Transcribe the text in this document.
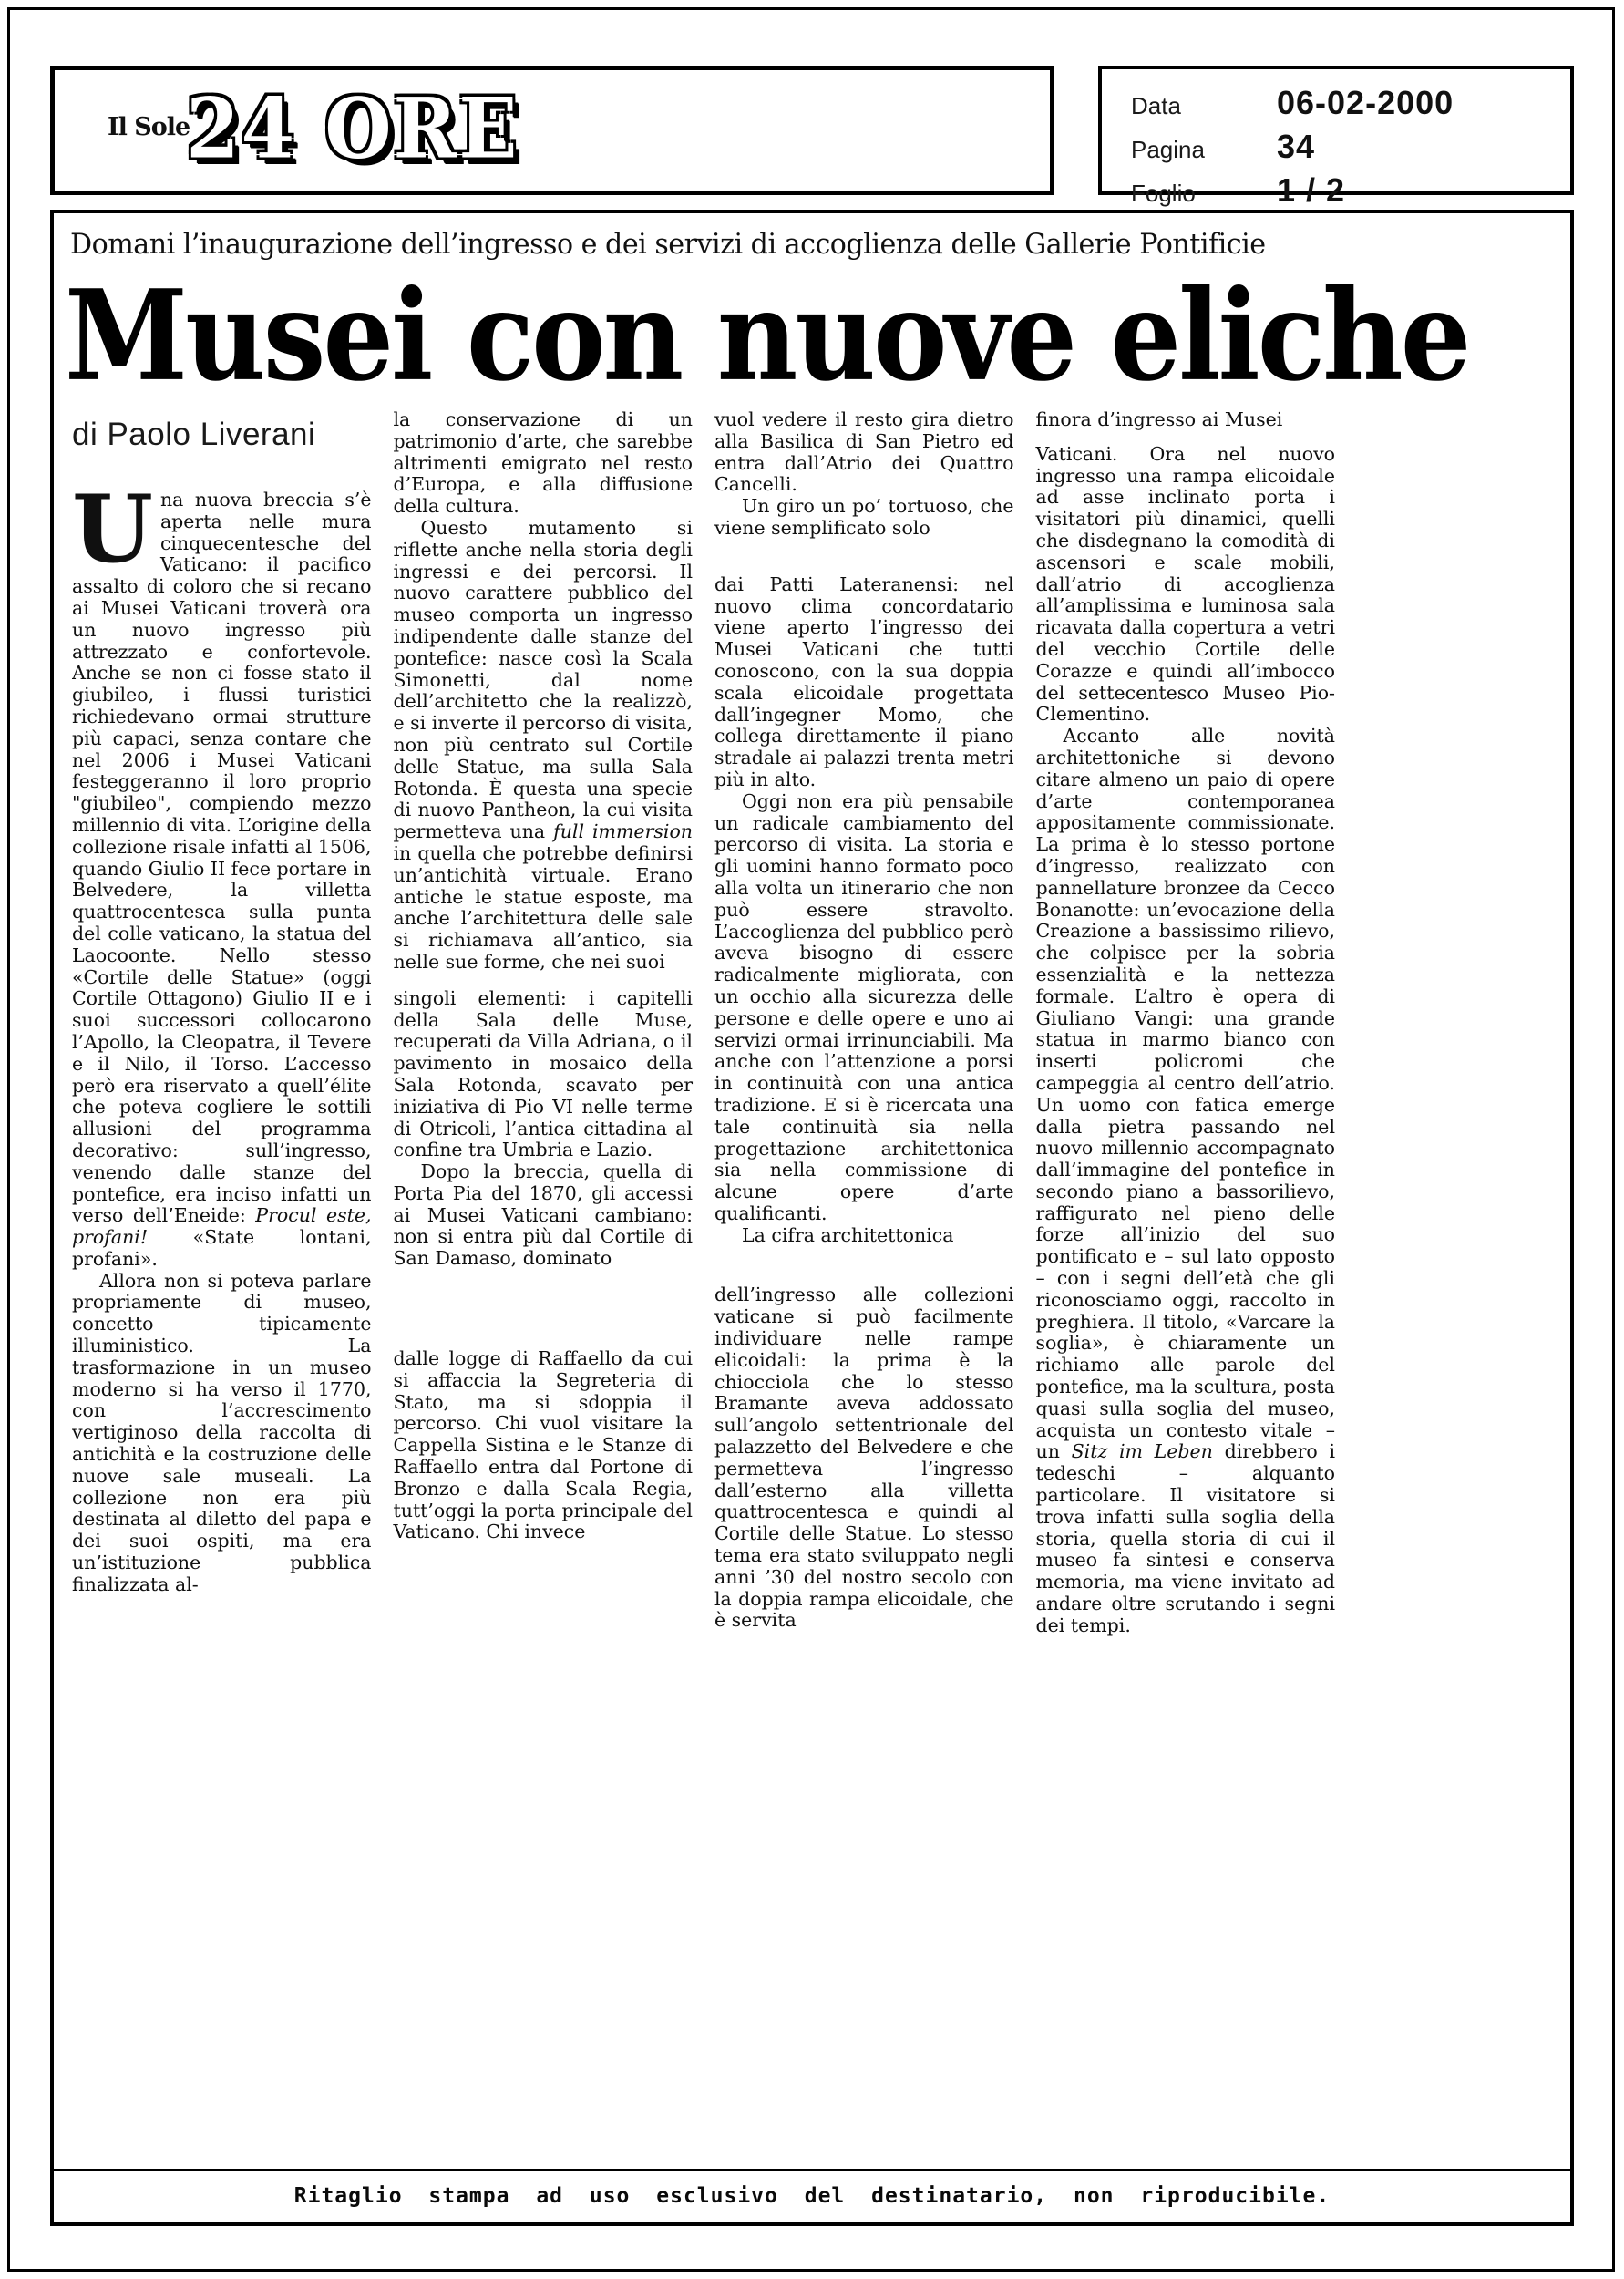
Il Sole24 ORE	Data	06-02-2000
Pagina	34
Foglio	1 / 2
Domani l’inaugurazione dell’ingresso e dei servizi di accoglienza delle Gallerie Pontificie
Musei con nuove eliche
di Paolo Liverani

Una nuova breccia s’è aperta nelle mura cinquecentesche del Vaticano: il pacifico assalto di coloro che si recano ai Musei Vaticani troverà ora un nuovo ingresso più attrezzato e confortevole. Anche se non ci fosse stato il giubileo, i flussi turistici richiedevano ormai strutture più capaci, senza contare che nel 2006 i Musei Vaticani festeggeranno il loro proprio "giubileo", compiendo mezzo millennio di vita. L’origine della collezione risale infatti al 1506, quando Giulio II fece portare in Belvedere, la villetta quattrocentesca sulla punta del colle vaticano, la statua del Laocoonte. Nello stesso «Cortile delle Statue» (oggi Cortile Ottagono) Giulio II e i suoi successori collocarono l’Apollo, la Cleopatra, il Tevere e il Nilo, il Torso. L’accesso però era riservato a quell’élite che poteva cogliere le sottili allusioni del programma decorativo: sull’ingresso, venendo dalle stanze del pontefice, era inciso infatti un verso dell’Eneide: Procul este, profani! «State lontani, profani».

Allora non si poteva parlare propriamente di museo, concetto tipicamente illuministico. La trasformazione in un museo moderno si ha verso il 1770, con l’accrescimento vertiginoso della raccolta di antichità e la costruzione delle nuove sale museali. La collezione non era più destinata al diletto del papa e dei suoi ospiti, ma era un’istituzione pubblica finalizzata al-

la conservazione di un patrimonio d’arte, che sarebbe altrimenti emigrato nel resto d’Europa, e alla diffusione della cultura.

Questo mutamento si riflette anche nella storia degli ingressi e dei percorsi. Il nuovo carattere pubblico del museo comporta un ingresso indipendente dalle stanze del pontefice: nasce così la Scala Simonetti, dal nome dell’architetto che la realizzò, e si inverte il percorso di visita, non più centrato sul Cortile delle Statue, ma sulla Sala Rotonda. È questa una specie di nuovo Pantheon, la cui visita permetteva una full immersion in quella che potrebbe definirsi un’antichità virtuale. Erano antiche le statue esposte, ma anche l’architettura delle sale si richiamava all’antico, sia nelle sue forme, che nei suoi

singoli elementi: i capitelli della Sala delle Muse, recuperati da Villa Adriana, o il pavimento in mosaico della Sala Rotonda, scavato per iniziativa di Pio VI nelle terme di Otricoli, l’antica cittadina al confine tra Umbria e Lazio.

Dopo la breccia, quella di Porta Pia del 1870, gli accessi ai Musei Vaticani cambiano: non si entra più dal Cortile di San Damaso, dominato

dalle logge di Raffaello da cui si affaccia la Segreteria di Stato, ma si sdoppia il percorso. Chi vuol visitare la Cappella Sistina e le Stanze di Raffaello entra dal Portone di Bronzo e dalla Scala Regia, tutt’oggi la porta principale del Vaticano. Chi invece

vuol vedere il resto gira dietro alla Basilica di San Pietro ed entra dall’Atrio dei Quattro Cancelli.

Un giro un po’ tortuoso, che viene semplificato solo

dai Patti Lateranensi: nel nuovo clima concordatario viene aperto l’ingresso dei Musei Vaticani che tutti conoscono, con la sua doppia scala elicoidale progettata dall’ingegner Momo, che collega direttamente il piano stradale ai palazzi trenta metri più in alto.

Oggi non era più pensabile un radicale cambiamento del percorso di visita. La storia e gli uomini hanno formato poco alla volta un itinerario che non può essere stravolto. L’accoglienza del pubblico però aveva bisogno di essere radicalmente migliorata, con un occhio alla sicurezza delle persone e delle opere e uno ai servizi ormai irrinunciabili. Ma anche con l’attenzione a porsi in continuità con una antica tradizione. E si è ricercata una tale continuità sia nella progettazione architettonica sia nella commissione di alcune opere d’arte qualificanti.

La cifra architettonica

dell’ingresso alle collezioni vaticane si può facilmente individuare nelle rampe elicoidali: la prima è la chiocciola che lo stesso Bramante aveva addossato sull’angolo settentrionale del palazzetto del Belvedere e che permetteva l’ingresso dall’esterno alla villetta quattrocentesca e quindi al Cortile delle Statue. Lo stesso tema era stato sviluppato negli anni ’30 del nostro secolo con la doppia rampa elicoidale, che è servita

finora d’ingresso ai Musei

Vaticani. Ora nel nuovo ingresso una rampa elicoidale ad asse inclinato porta i visitatori più dinamici, quelli che disdegnano la comodità di ascensori e scale mobili, dall’atrio di accoglienza all’amplissima e luminosa sala ricavata dalla copertura a vetri del vecchio Cortile delle Corazze e quindi all’imbocco del settecentesco Museo Pio-Clementino.

Accanto alle novità architettoniche si devono citare almeno un paio di opere d’arte contemporanea appositamente commissionate. La prima è lo stesso portone d’ingresso, realizzato con pannellature bronzee da Cecco Bonanotte: un’evocazione della Creazione a bassissimo rilievo, che colpisce per la sobria essenzialità e la nettezza formale. L’altro è opera di Giuliano Vangi: una grande statua in marmo bianco con inserti policromi che campeggia al centro dell’atrio. Un uomo con fatica emerge dalla pietra passando nel nuovo millennio accompagnato dall’immagine del pontefice in secondo piano a bassorilievo, raffigurato nel pieno delle forze all’inizio del suo pontificato e – sul lato opposto – con i segni dell’età che gli riconosciamo oggi, raccolto in preghiera. Il titolo, «Varcare la soglia», è chiaramente un richiamo alle parole del pontefice, ma la scultura, posta quasi sulla soglia del museo, acquista un contesto vitale – un Sitz im Leben direbbero i tedeschi – alquanto particolare. Il visitatore si trova infatti sulla soglia della storia, quella storia di cui il museo fa sintesi e conserva memoria, ma viene invitato ad andare oltre scrutando i segni dei tempi.

Ritaglio stampa ad uso esclusivo del destinatario, non riproducibile.
